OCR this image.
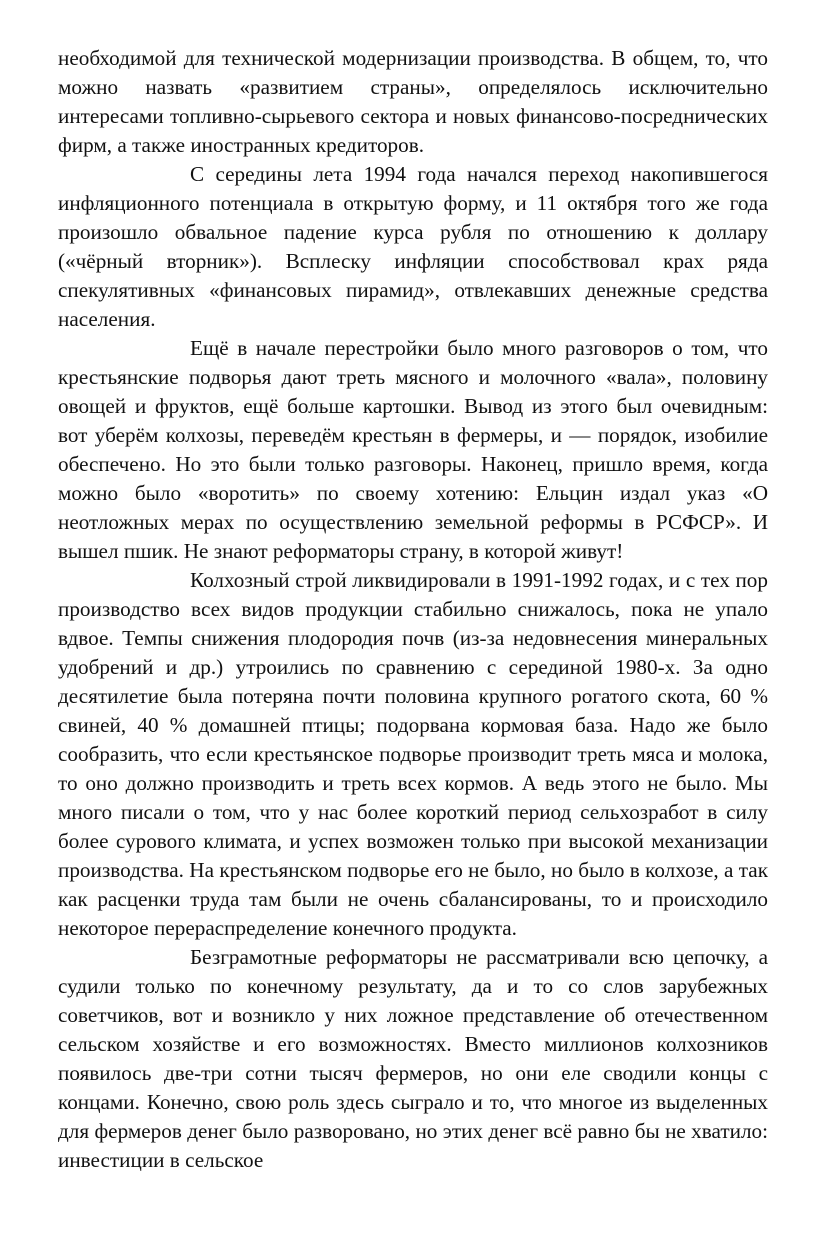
необходимой для технической модернизации производства. В общем, то, что можно назвать «развитием страны», определялось исключительно интересами топливно-сырьевого сектора и новых финансово-посреднических фирм, а также иностранных кредиторов.

С середины лета 1994 года начался переход накопившегося инфляционного потенциала в открытую форму, и 11 октября того же года произошло обвальное падение курса рубля по отношению к доллару («чёрный вторник»). Всплеску инфляции способствовал крах ряда спекулятивных «финансовых пирамид», отвлекавших денежные средства населения.

Ещё в начале перестройки было много разговоров о том, что крестьянские подворья дают треть мясного и молочного «вала», половину овощей и фруктов, ещё больше картошки. Вывод из этого был очевидным: вот уберём колхозы, переведём крестьян в фермеры, и — порядок, изобилие обеспечено. Но это были только разговоры. Наконец, пришло время, когда можно было «воротить» по своему хотению: Ельцин издал указ «О неотложных мерах по осуществлению земельной реформы в РСФСР». И вышел пшик. Не знают реформаторы страну, в которой живут!

Колхозный строй ликвидировали в 1991-1992 годах, и с тех пор производство всех видов продукции стабильно снижалось, пока не упало вдвое. Темпы снижения плодородия почв (из-за недовнесения минеральных удобрений и др.) утроились по сравнению с серединой 1980-х. За одно десятилетие была потеряна почти половина крупного рогатого скота, 60 % свиней, 40 % домашней птицы; подорвана кормовая база. Надо же было сообразить, что если крестьянское подворье производит треть мяса и молока, то оно должно производить и треть всех кормов. А ведь этого не было. Мы много писали о том, что у нас более короткий период сельхозработ в силу более сурового климата, и успех возможен только при высокой механизации производства. На крестьянском подворье его не было, но было в колхозе, а так как расценки труда там были не очень сбалансированы, то и происходило некоторое перераспределение конечного продукта.

Безграмотные реформаторы не рассматривали всю цепочку, а судили только по конечному результату, да и то со слов зарубежных советчиков, вот и возникло у них ложное представление об отечественном сельском хозяйстве и его возможностях. Вместо миллионов колхозников появилось две-три сотни тысяч фермеров, но они еле сводили концы с концами. Конечно, свою роль здесь сыграло и то, что многое из выделенных для фермеров денег было разворовано, но этих денег всё равно бы не хватило: инвестиции в сельское
